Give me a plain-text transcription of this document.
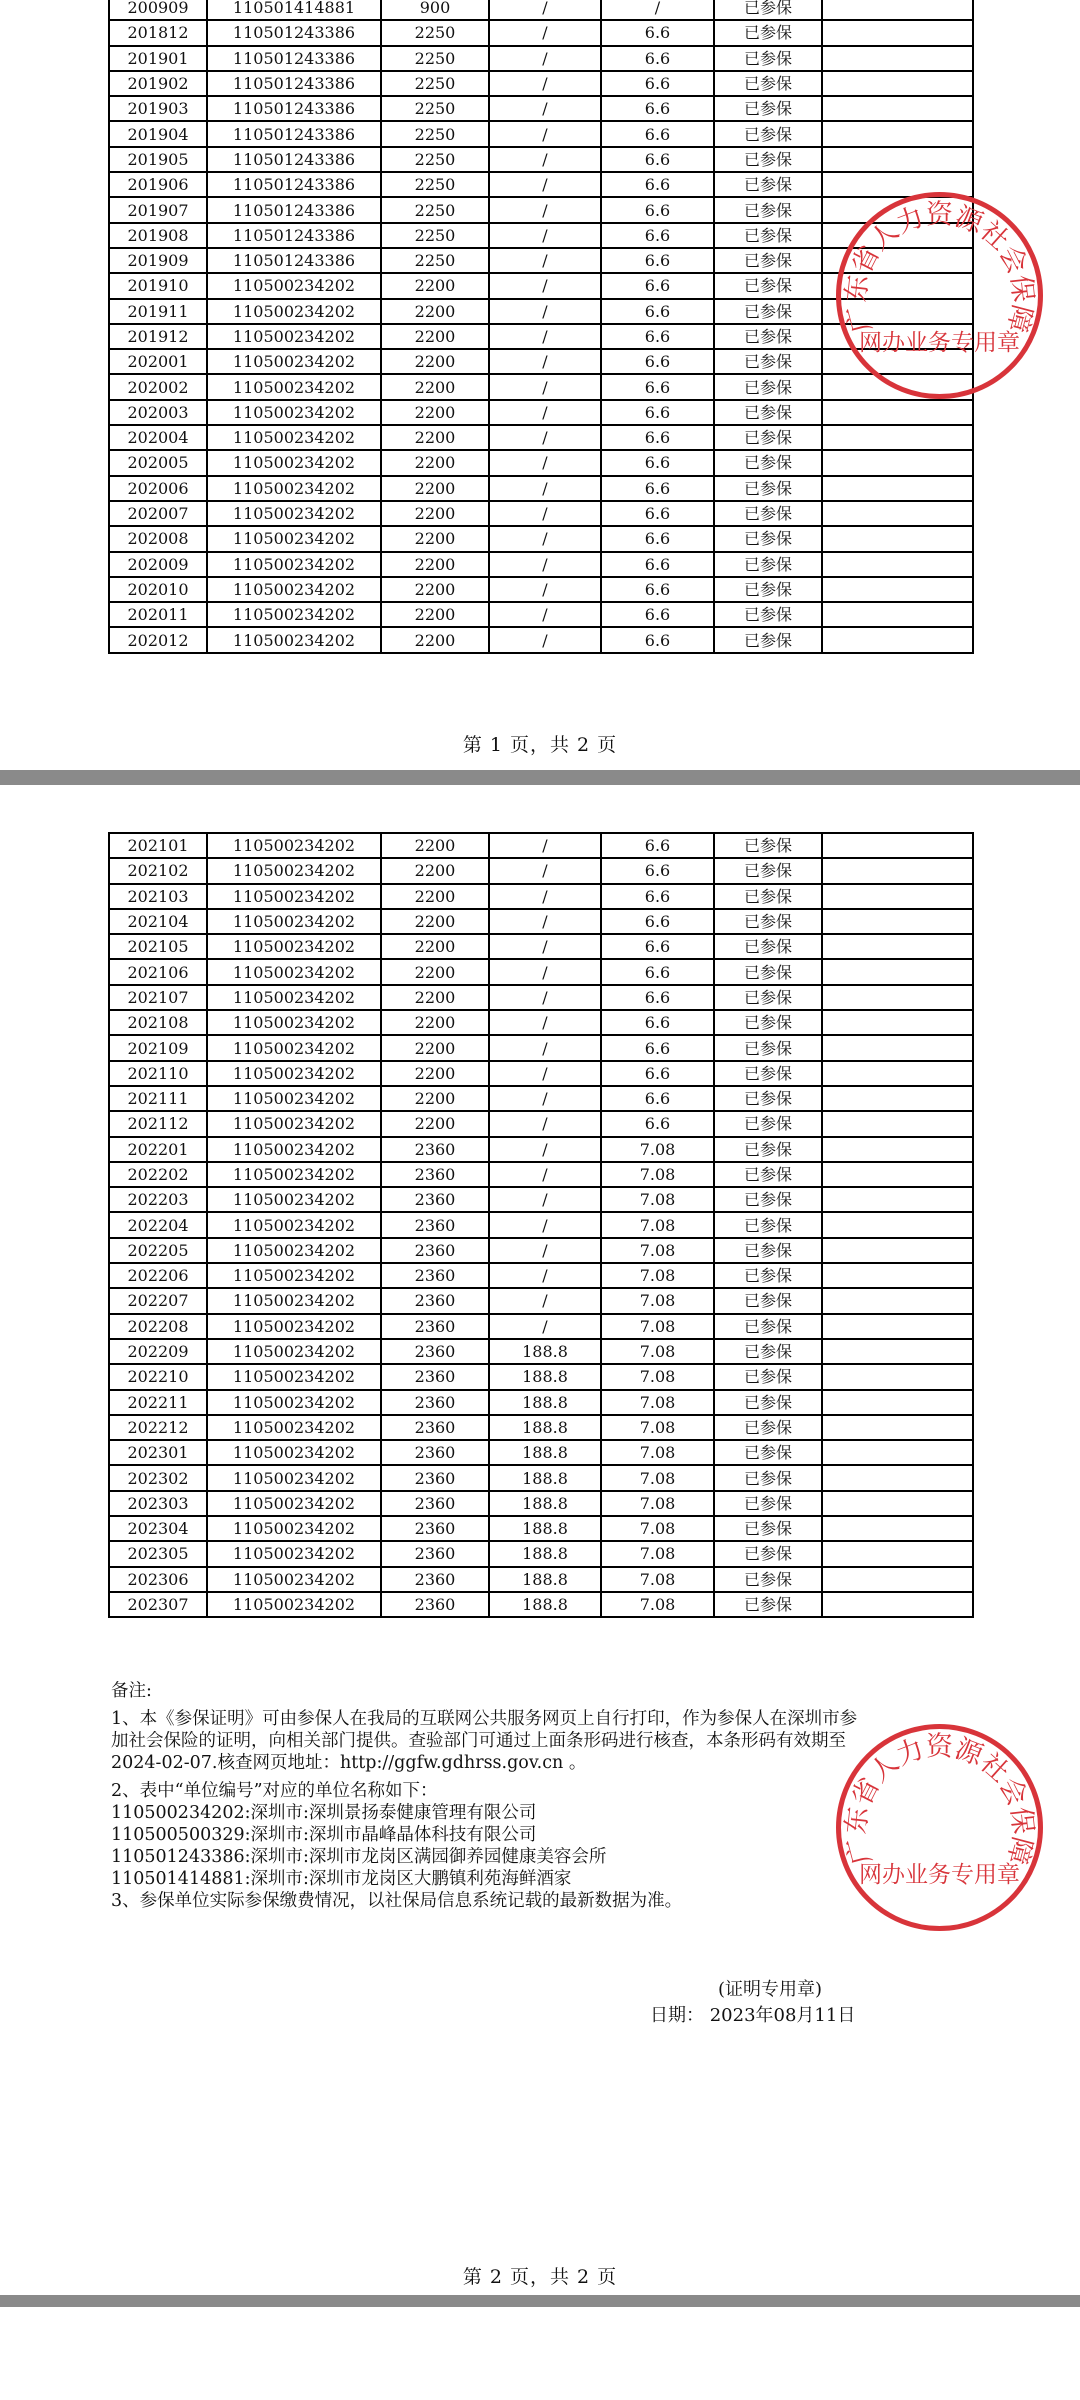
200909	110501414881	900	/	/	已参保	
201812	110501243386	2250	/	6.6	已参保	
201901	110501243386	2250	/	6.6	已参保	
201902	110501243386	2250	/	6.6	已参保	
201903	110501243386	2250	/	6.6	已参保	
201904	110501243386	2250	/	6.6	已参保	
201905	110501243386	2250	/	6.6	已参保	
201906	110501243386	2250	/	6.6	已参保	
201907	110501243386	2250	/	6.6	已参保	
201908	110501243386	2250	/	6.6	已参保	
201909	110501243386	2250	/	6.6	已参保	
201910	110500234202	2200	/	6.6	已参保	
201911	110500234202	2200	/	6.6	已参保	
201912	110500234202	2200	/	6.6	已参保	
202001	110500234202	2200	/	6.6	已参保	
202002	110500234202	2200	/	6.6	已参保	
202003	110500234202	2200	/	6.6	已参保	
202004	110500234202	2200	/	6.6	已参保	
202005	110500234202	2200	/	6.6	已参保	
202006	110500234202	2200	/	6.6	已参保	
202007	110500234202	2200	/	6.6	已参保	
202008	110500234202	2200	/	6.6	已参保	
202009	110500234202	2200	/	6.6	已参保	
202010	110500234202	2200	/	6.6	已参保	
202011	110500234202	2200	/	6.6	已参保	
202012	110500234202	2200	/	6.6	已参保	
第 1 页，共 2 页
202101	110500234202	2200	/	6.6	已参保	
202102	110500234202	2200	/	6.6	已参保	
202103	110500234202	2200	/	6.6	已参保	
202104	110500234202	2200	/	6.6	已参保	
202105	110500234202	2200	/	6.6	已参保	
202106	110500234202	2200	/	6.6	已参保	
202107	110500234202	2200	/	6.6	已参保	
202108	110500234202	2200	/	6.6	已参保	
202109	110500234202	2200	/	6.6	已参保	
202110	110500234202	2200	/	6.6	已参保	
202111	110500234202	2200	/	6.6	已参保	
202112	110500234202	2200	/	6.6	已参保	
202201	110500234202	2360	/	7.08	已参保	
202202	110500234202	2360	/	7.08	已参保	
202203	110500234202	2360	/	7.08	已参保	
202204	110500234202	2360	/	7.08	已参保	
202205	110500234202	2360	/	7.08	已参保	
202206	110500234202	2360	/	7.08	已参保	
202207	110500234202	2360	/	7.08	已参保	
202208	110500234202	2360	/	7.08	已参保	
202209	110500234202	2360	188.8	7.08	已参保	
202210	110500234202	2360	188.8	7.08	已参保	
202211	110500234202	2360	188.8	7.08	已参保	
202212	110500234202	2360	188.8	7.08	已参保	
202301	110500234202	2360	188.8	7.08	已参保	
202302	110500234202	2360	188.8	7.08	已参保	
202303	110500234202	2360	188.8	7.08	已参保	
202304	110500234202	2360	188.8	7.08	已参保	
202305	110500234202	2360	188.8	7.08	已参保	
202306	110500234202	2360	188.8	7.08	已参保	
202307	110500234202	2360	188.8	7.08	已参保	
备注:
1、本《参保证明》可由参保人在我局的互联网公共服务网页上自行打印，作为参保人在深圳市参
加社会保险的证明，向相关部门提供。查验部门可通过上面条形码进行核查，本条形码有效期至
2024-02-07.核查网页地址：http://ggfw.gdhrss.gov.cn 。
2、表中“单位编号”对应的单位名称如下：
110500234202:深圳市:深圳景扬泰健康管理有限公司
110500500329:深圳市:深圳市晶峰晶体科技有限公司
110501243386:深圳市:深圳市龙岗区满园御养园健康美容会所
110501414881:深圳市:深圳市龙岗区大鹏镇利苑海鲜酒家
3、参保单位实际参保缴费情况，以社保局信息系统记载的最新数据为准。
(证明专用章)
日期： 2023年08月11日
第 2 页，共 2 页
广东省人力资源社会保障
网办业务专用章
广东省人力资源社会保障
网办业务专用章
